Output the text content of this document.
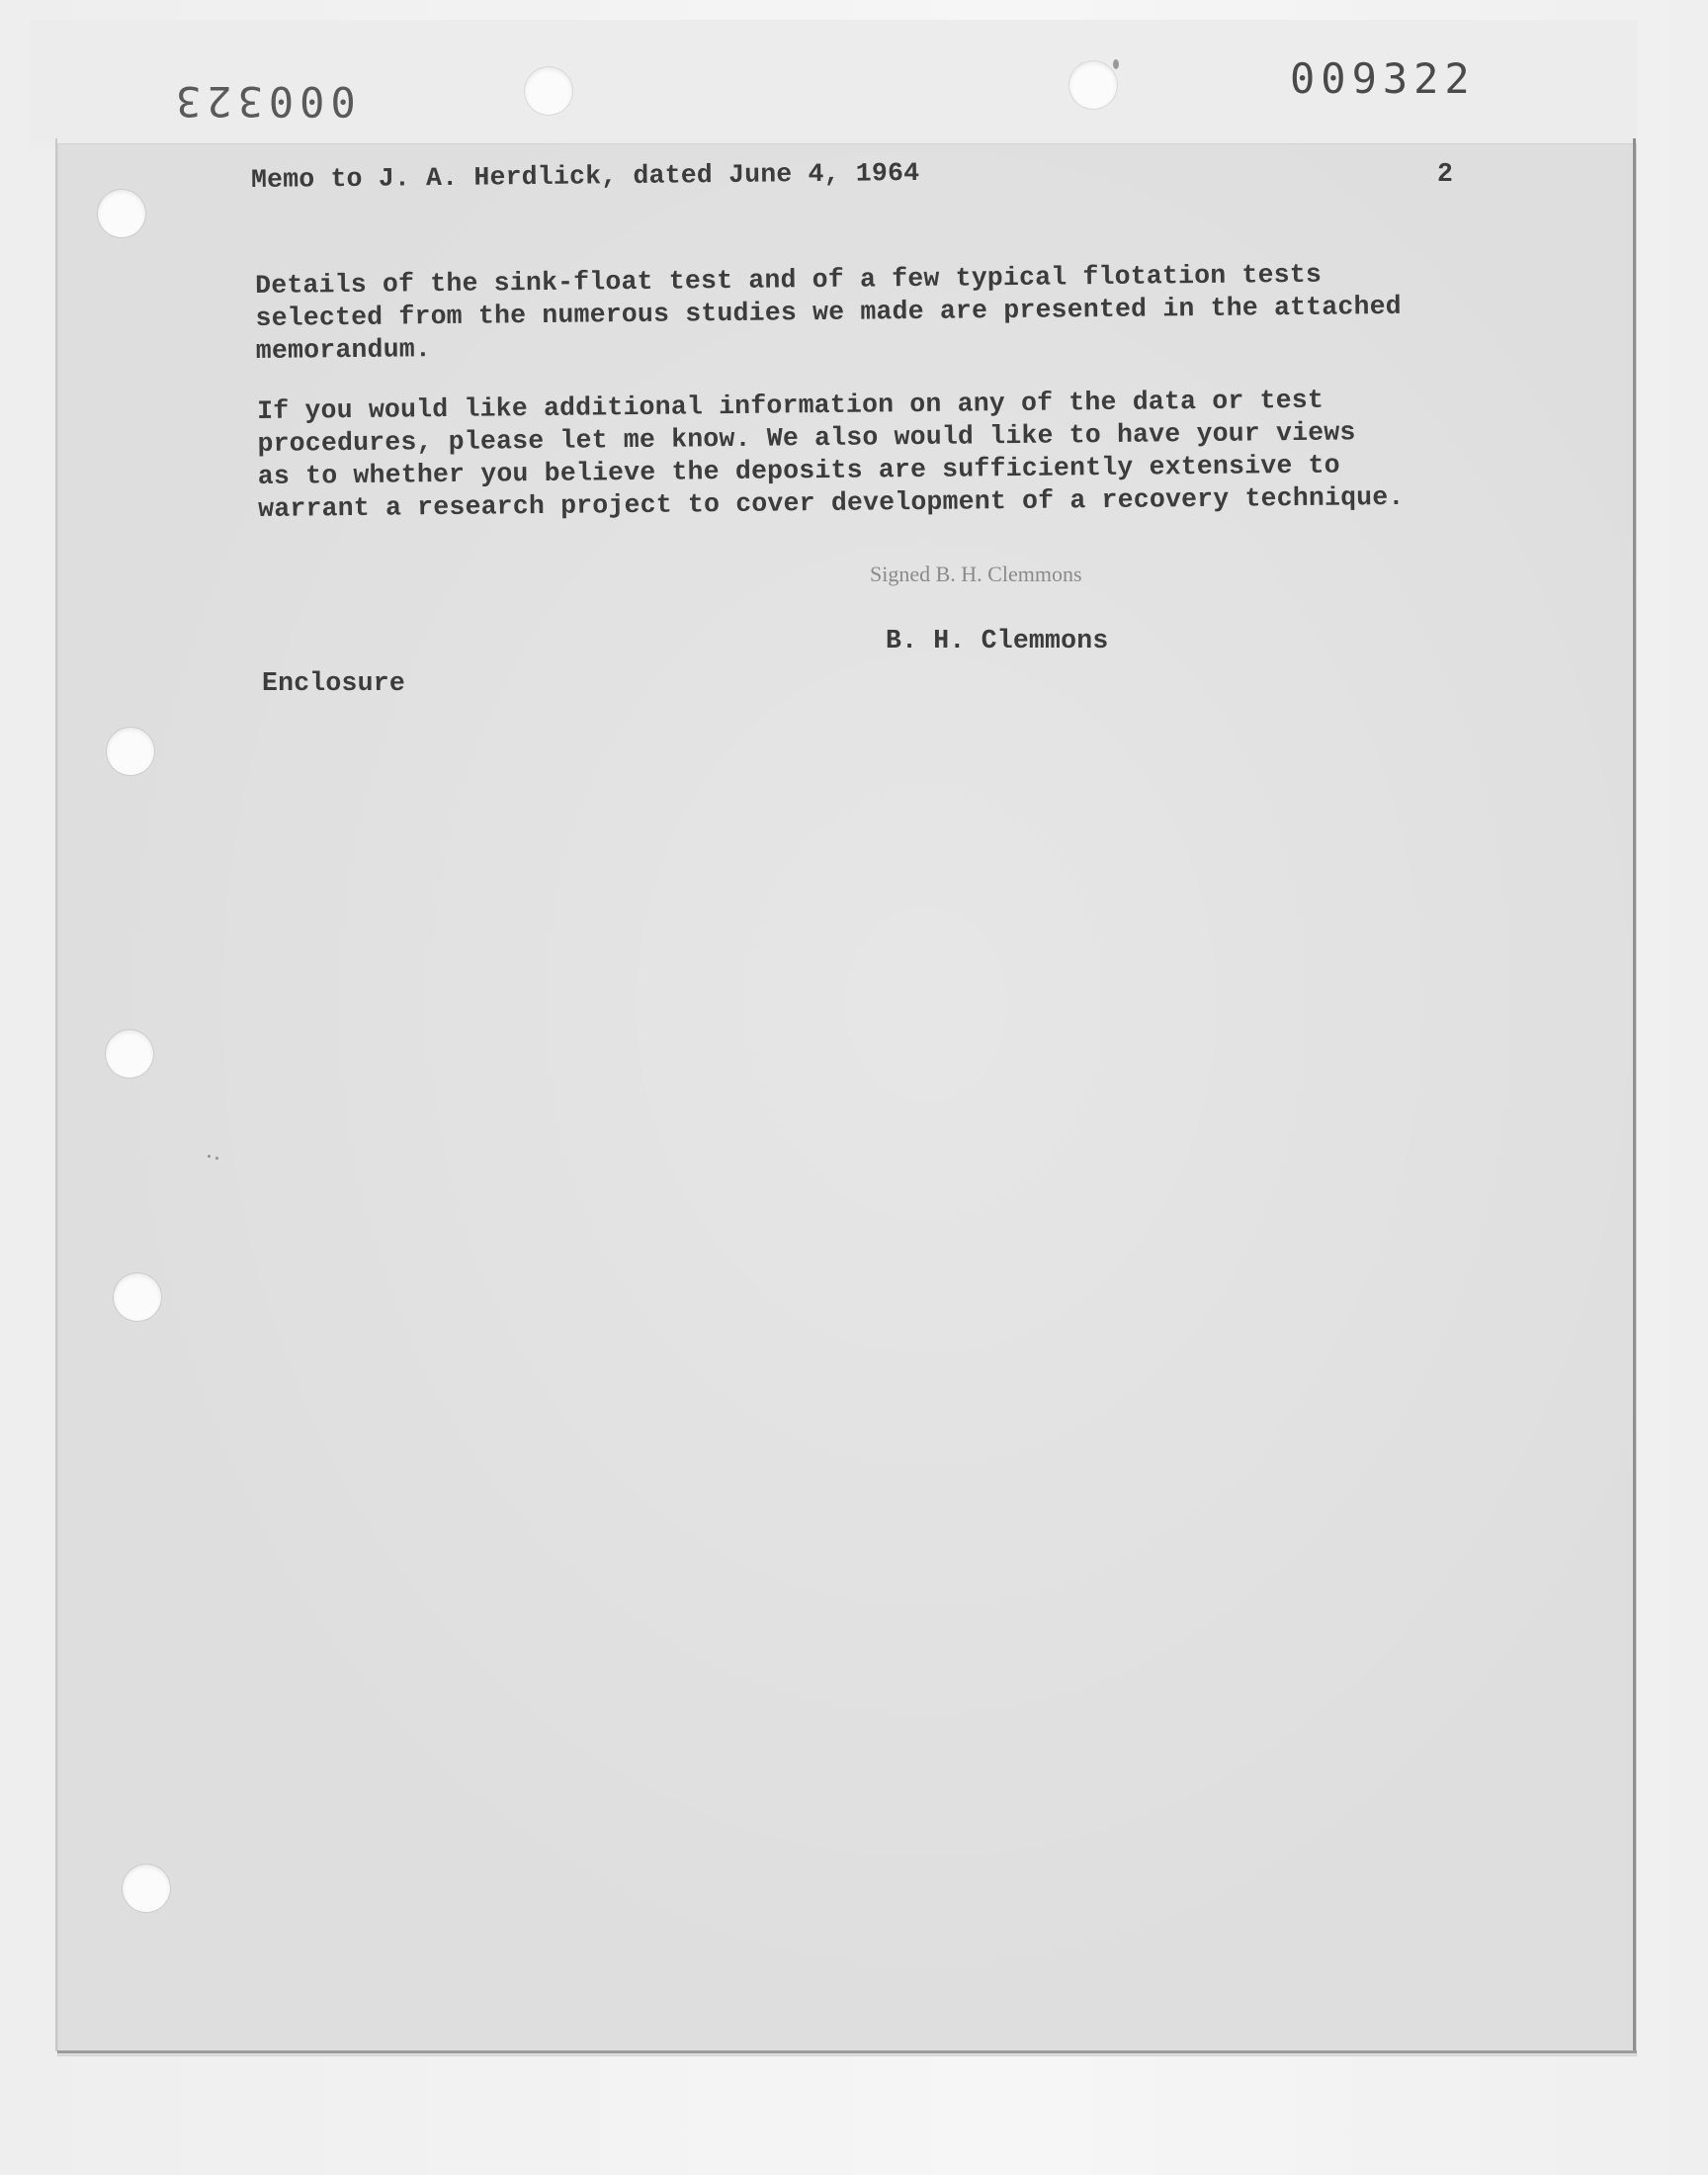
000323	009322
Memo to J. A. Herdlick, dated June 4, 1964	2
Details of the sink-float test and of a few typical flotation tests
selected from the numerous studies we made are presented in the attached
memorandum.
If you would like additional information on any of the data or test
procedures, please let me know. We also would like to have your views
as to whether you believe the deposits are sufficiently extensive to
warrant a research project to cover development of a recovery technique.
Signed B. H. Clemmons
B. H. Clemmons
Enclosure
